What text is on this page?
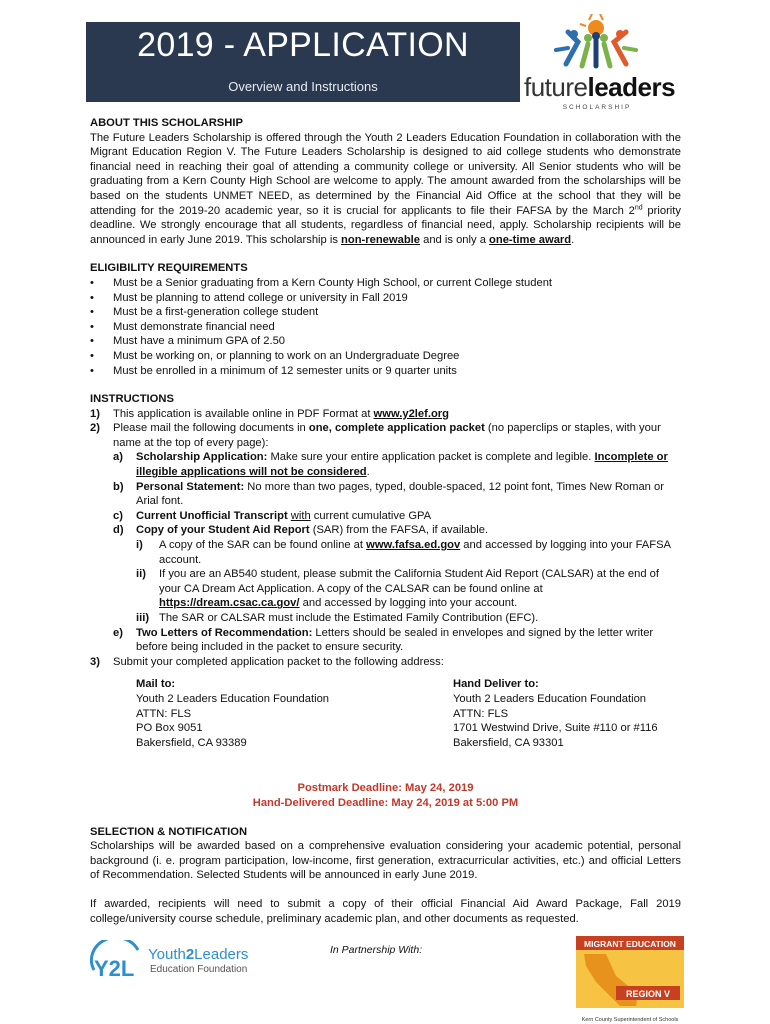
2019 - APPLICATION
Overview and Instructions	futureleaders
SCHOLARSHIP
ABOUT THIS SCHOLARSHIP

The Future Leaders Scholarship is offered through the Youth 2 Leaders Education Foundation in collaboration with the Migrant Education Region V. The Future Leaders Scholarship is designed to aid college students who demonstrate financial need in reaching their goal of attending a community college or university. All Senior students who will be graduating from a Kern County High School are welcome to apply. The amount awarded from the scholarships will be based on the students UNMET NEED, as determined by the Financial Aid Office at the school that they will be attending for the 2019-20 academic year, so it is crucial for applicants to file their FAFSA by the March 2nd priority deadline. We strongly encourage that all students, regardless of financial need, apply. Scholarship recipients will be announced in early June 2019. This scholarship is non-renewable and is only a one-time award.

ELIGIBILITY REQUIREMENTS
• Must be a Senior graduating from a Kern County High School, or current College student
• Must be planning to attend college or university in Fall 2019
• Must be a first-generation college student
• Must demonstrate financial need
• Must have a minimum GPA of 2.50
• Must be working on, or planning to work on an Undergraduate Degree
• Must be enrolled in a minimum of 12 semester units or 9 quarter units
INSTRUCTIONS
1) This application is available online in PDF Format at www.y2lef.org
2) Please mail the following documents in one, complete application packet (no paperclips or staples, with your name at the top of every page):
a) Scholarship Application: Make sure your entire application packet is complete and legible. Incomplete or illegible applications will not be considered.
b) Personal Statement: No more than two pages, typed, double-spaced, 12 point font, Times New Roman or Arial font.
c) Current Unofficial Transcript with current cumulative GPA
d) Copy of your Student Aid Report (SAR) from the FAFSA, if available.
i) A copy of the SAR can be found online at www.fafsa.ed.gov and accessed by logging into your FAFSA account.
ii) If you are an AB540 student, please submit the California Student Aid Report (CALSAR) at the end of your CA Dream Act Application. A copy of the CALSAR can be found online at https://dream.csac.ca.gov/ and accessed by logging into your account.
iii) The SAR or CALSAR must include the Estimated Family Contribution (EFC).
e) Two Letters of Recommendation: Letters should be sealed in envelopes and signed by the letter writer before being included in the packet to ensure security.
3) Submit your completed application packet to the following address:
Mail to:
Youth 2 Leaders Education Foundation
ATTN: FLS
PO Box 9051
Bakersfield, CA 93389
Hand Deliver to:
Youth 2 Leaders Education Foundation
ATTN: FLS
1701 Westwind Drive, Suite #110 or #116
Bakersfield, CA 93301
Postmark Deadline: May 24, 2019
Hand-Delivered Deadline: May 24, 2019 at 5:00 PM
SELECTION & NOTIFICATION

Scholarships will be awarded based on a comprehensive evaluation considering your academic potential, personal background (i. e. program participation, low-income, first generation, extracurricular activities, etc.) and official Letters of Recommendation. Selected Students will be announced in early June 2019.

If awarded, recipients will need to submit a copy of their official Financial Aid Award Package, Fall 2019 college/university course schedule, preliminary academic plan, and other documents as requested.

Y2L
Youth2Leaders
Education Foundation
In Partnership With:	MIGRANT EDUCATION
REGION V
Kern County Superintendent of Schools
